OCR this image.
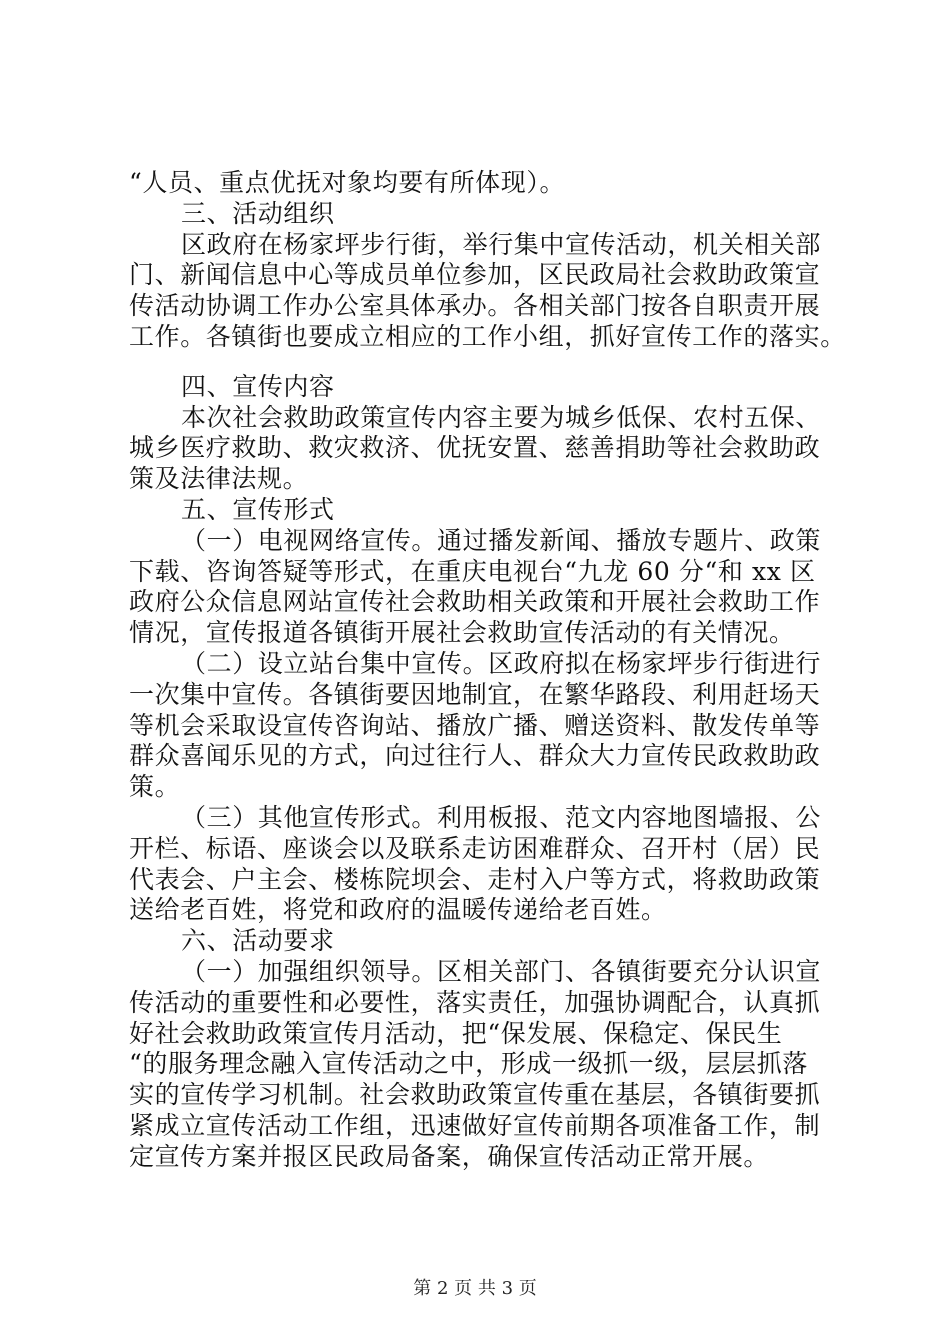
“人员、重点优抚对象均要有所体现）。
三、活动组织
区政府在杨家坪步行街，举行集中宣传活动，机关相关部
门、新闻信息中心等成员单位参加，区民政局社会救助政策宣
传活动协调工作办公室具体承办。各相关部门按各自职责开展
工作。各镇街也要成立相应的工作小组，抓好宣传工作的落实。
四、宣传内容
本次社会救助政策宣传内容主要为城乡低保、农村五保、
城乡医疗救助、救灾救济、优抚安置、慈善捐助等社会救助政
策及法律法规。
五、宣传形式
（一）电视网络宣传。通过播发新闻、播放专题片、政策
下载、咨询答疑等形式，在重庆电视台“九龙 60 分“和 xx 区
政府公众信息网站宣传社会救助相关政策和开展社会救助工作
情况，宣传报道各镇街开展社会救助宣传活动的有关情况。
（二）设立站台集中宣传。区政府拟在杨家坪步行街进行
一次集中宣传。各镇街要因地制宜，在繁华路段、利用赶场天
等机会采取设宣传咨询站、播放广播、赠送资料、散发传单等
群众喜闻乐见的方式，向过往行人、群众大力宣传民政救助政
策。
（三）其他宣传形式。利用板报、范文内容地图墙报、公
开栏、标语、座谈会以及联系走访困难群众、召开村（居）民
代表会、户主会、楼栋院坝会、走村入户等方式，将救助政策
送给老百姓，将党和政府的温暖传递给老百姓。
六、活动要求
（一）加强组织领导。区相关部门、各镇街要充分认识宣
传活动的重要性和必要性，落实责任，加强协调配合，认真抓
好社会救助政策宣传月活动，把“保发展、保稳定、保民生
“的服务理念融入宣传活动之中，形成一级抓一级，层层抓落
实的宣传学习机制。社会救助政策宣传重在基层，各镇街要抓
紧成立宣传活动工作组，迅速做好宣传前期各项准备工作，制
定宣传方案并报区民政局备案，确保宣传活动正常开展。
第 2 页 共 3 页
